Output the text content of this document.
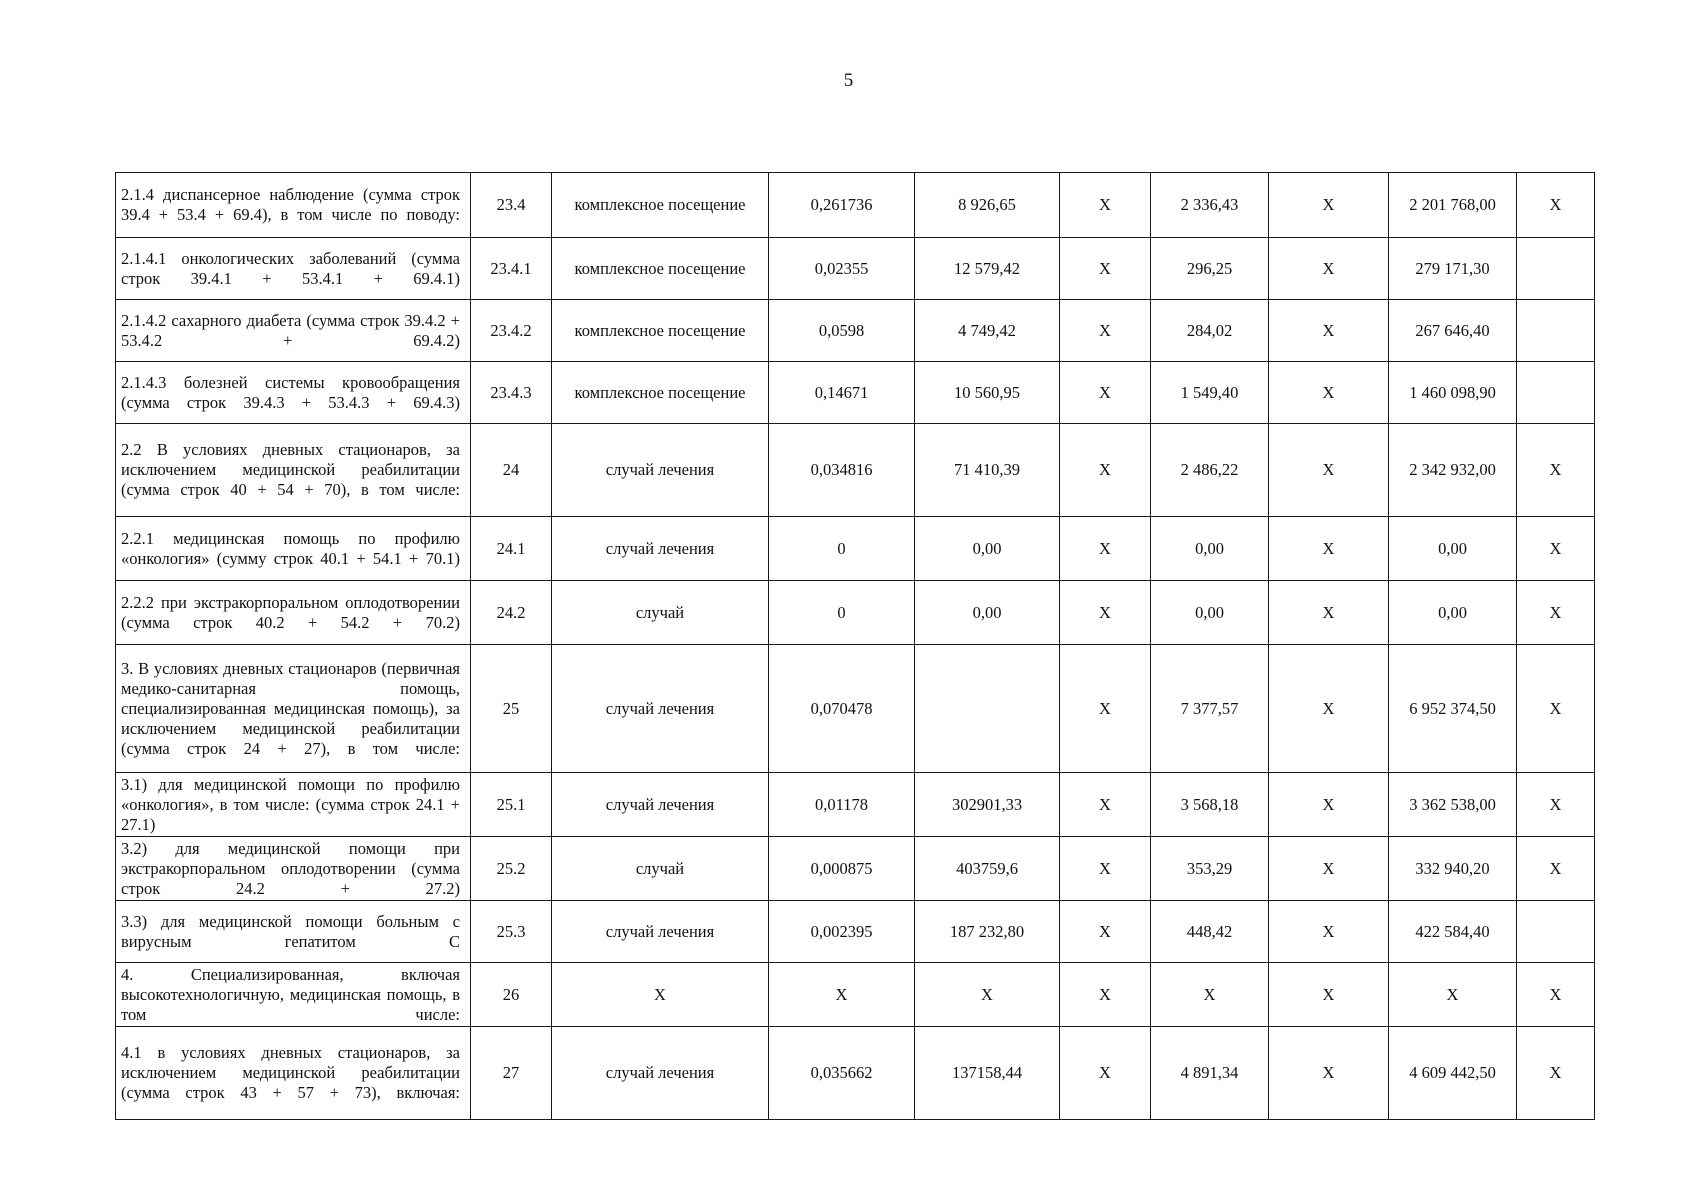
5
2.1.4 диспансерное наблюдение (сумма строк 39.4 + 53.4 + 69.4), в том числе по поводу:	23.4	комплексное посещение	0,261736	8 926,65	X	2 336,43	X	2 201 768,00	X
2.1.4.1 онкологических заболеваний (сумма строк 39.4.1 + 53.4.1 + 69.4.1)	23.4.1	комплексное посещение	0,02355	12 579,42	X	296,25	X	279 171,30	
2.1.4.2 сахарного диабета (сумма строк 39.4.2 + 53.4.2 + 69.4.2)	23.4.2	комплексное посещение	0,0598	4 749,42	X	284,02	X	267 646,40	
2.1.4.3 болезней системы кровообращения (сумма строк 39.4.3 + 53.4.3 + 69.4.3)	23.4.3	комплексное посещение	0,14671	10 560,95	X	1 549,40	X	1 460 098,90	
2.2 В условиях дневных стационаров, за исключением медицинской реабилитации (сумма строк 40 + 54 + 70), в том числе:	24	случай лечения	0,034816	71 410,39	X	2 486,22	X	2 342 932,00	X
2.2.1 медицинская помощь по профилю «онкология» (сумму строк 40.1 + 54.1 + 70.1)	24.1	случай лечения	0	0,00	X	0,00	X	0,00	X
2.2.2 при экстракорпоральном оплодотворении (сумма строк 40.2 + 54.2 + 70.2)	24.2	случай	0	0,00	X	0,00	X	0,00	X
3. В условиях дневных стационаров (первичная медико-санитарная помощь, специализированная медицинская помощь), за исключением медицинской реабилитации (сумма строк 24 + 27), в том числе:	25	случай лечения	0,070478		X	7 377,57	X	6 952 374,50	X
3.1) для медицинской помощи по профилю «онкология», в том числе: (сумма строк 24.1 + 27.1)	25.1	случай лечения	0,01178	302901,33	X	3 568,18	X	3 362 538,00	X
3.2) для медицинской помощи при экстракорпоральном оплодотворении (сумма строк 24.2 + 27.2)	25.2	случай	0,000875	403759,6	X	353,29	X	332 940,20	X
3.3) для медицинской помощи больным с вирусным гепатитом С	25.3	случай лечения	0,002395	187 232,80	X	448,42	X	422 584,40	
4. Специализированная, включая высокотехнологичную, медицинская помощь, в том числе:	26	X	X	X	X	X	X	X	X
4.1 в условиях дневных стационаров, за исключением медицинской реабилитации (сумма строк 43 + 57 + 73), включая:	27	случай лечения	0,035662	137158,44	X	4 891,34	X	4 609 442,50	X
